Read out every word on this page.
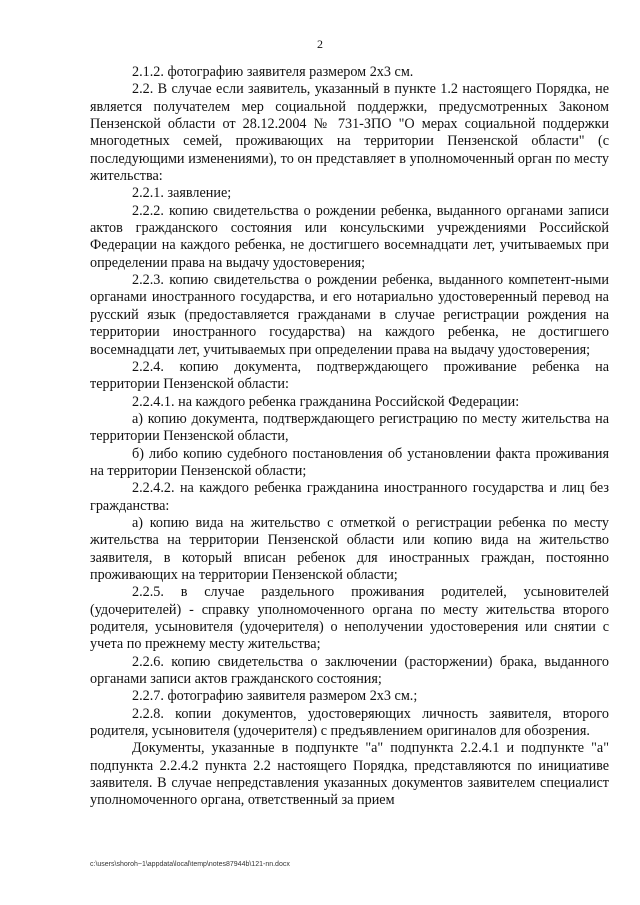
2

2.1.2. фотографию заявителя размером 2х3 см.

2.2. В случае если заявитель, указанный в пункте 1.2 настоящего Порядка, не является получателем мер социальной поддержки, предусмотренных Законом Пензенской области от 28.12.2004 № 731-ЗПО "О мерах социальной поддержки многодетных семей, проживающих на территории Пензенской области" (с последующими изменениями), то он представляет в уполномоченный орган по месту жительства:

2.2.1. заявление;

2.2.2. копию свидетельства о рождении ребенка, выданного органами записи актов гражданского состояния или консульскими учреждениями Российской Федерации на каждого ребенка, не достигшего восемнадцати лет, учитываемых при определении права на выдачу удостоверения;

2.2.3. копию свидетельства о рождении ребенка, выданного компетент-ными органами иностранного государства, и его нотариально удостоверенный перевод на русский язык (предоставляется гражданами в случае регистрации рождения на территории иностранного государства) на каждого ребенка, не достигшего восемнадцати лет, учитываемых при определении права на выдачу удостоверения;

2.2.4. копию документа, подтверждающего проживание ребенка на территории Пензенской области:

2.2.4.1. на каждого ребенка гражданина Российской Федерации:

а) копию документа, подтверждающего регистрацию по месту жительства на территории Пензенской области,

б) либо копию судебного постановления об установлении факта проживания на территории Пензенской области;

2.2.4.2. на каждого ребенка гражданина иностранного государства и лиц без гражданства:

а) копию вида на жительство с отметкой о регистрации ребенка по месту жительства на территории Пензенской области или копию вида на жительство заявителя, в который вписан ребенок для иностранных граждан, постоянно проживающих на территории Пензенской области;

2.2.5. в случае раздельного проживания родителей, усыновителей (удочерителей) - справку уполномоченного органа по месту жительства второго родителя, усыновителя (удочерителя) о неполучении удостоверения или снятии с учета по прежнему месту жительства;

2.2.6. копию свидетельства о заключении (расторжении) брака, выданного органами записи актов гражданского состояния;

2.2.7. фотографию заявителя размером 2х3 см.;

2.2.8. копии документов, удостоверяющих личность заявителя, второго родителя, усыновителя (удочерителя) с предъявлением оригиналов для обозрения.

Документы, указанные в подпункте "а" подпункта 2.2.4.1 и подпункте "а" подпункта 2.2.4.2 пункта 2.2 настоящего Порядка, представляются по инициативе заявителя. В случае непредставления указанных документов заявителем специалист уполномоченного органа, ответственный за прием

c:\users\shoroh~1\appdata\local\temp\notes87944b\121-nn.docx
